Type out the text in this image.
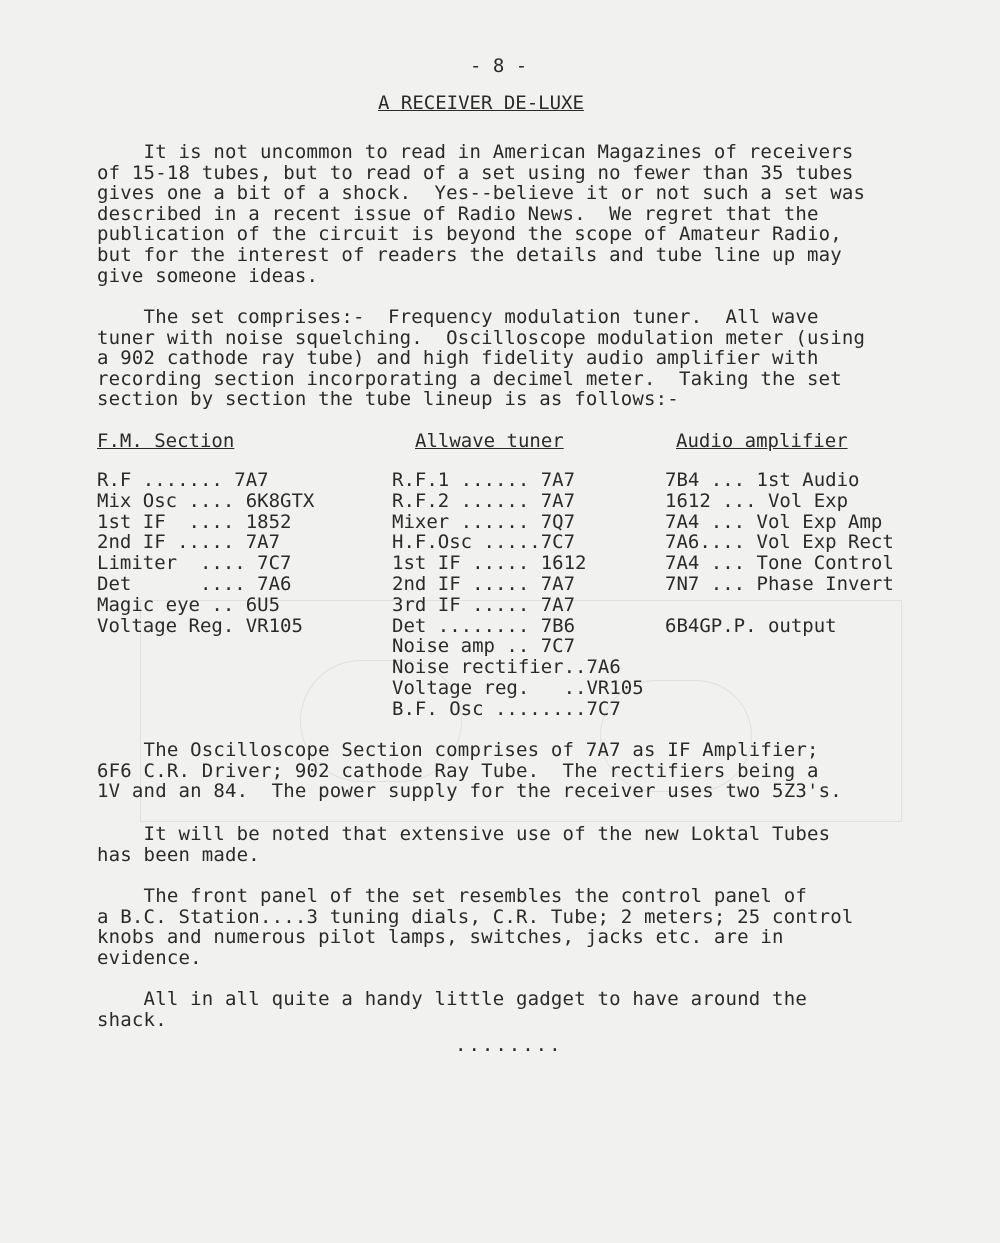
- 8 -
A RECEIVER DE-LUXE
It is not uncommon to read in American Magazines of receivers
of 15-18 tubes, but to read of a set using no fewer than 35 tubes
gives one a bit of a shock.  Yes--believe it or not such a set was
described in a recent issue of Radio News.  We regret that the
publication of the circuit is beyond the scope of Amateur Radio,
but for the interest of readers the details and tube line up may
give someone ideas.
The set comprises:-  Frequency modulation tuner.  All wave
tuner with noise squelching.  Oscilloscope modulation meter (using
a 902 cathode ray tube) and high fidelity audio amplifier with
recording section incorporating a decimel meter.  Taking the set
section by section the tube lineup is as follows:-
F.M. Section	Allwave tuner	Audio amplifier
R.F ....... 7A7
Mix Osc .... 6K8GTX
1st IF  .... 1852
2nd IF ..... 7A7
Limiter  .... 7C7
Det      .... 7A6
Magic eye .. 6U5
Voltage Reg. VR105
R.F.1 ...... 7A7
R.F.2 ...... 7A7
Mixer ...... 7Q7
H.F.Osc .....7C7
1st IF ..... 1612
2nd IF ..... 7A7
3rd IF ..... 7A7
Det ........ 7B6
Noise amp .. 7C7
Noise rectifier..7A6
Voltage reg.   ..VR105
B.F. Osc ........7C7
7B4 ... 1st Audio
1612 ... Vol Exp
7A4 ... Vol Exp Amp
7A6.... Vol Exp Rect
7A4 ... Tone Control
7N7 ... Phase Invert

6B4GP.P. output
The Oscilloscope Section comprises of 7A7 as IF Amplifier;
6F6 C.R. Driver; 902 cathode Ray Tube.  The rectifiers being a
1V and an 84.  The power supply for the receiver uses two 5Z3's.
It will be noted that extensive use of the new Loktal Tubes
has been made.
The front panel of the set resembles the control panel of
a B.C. Station....3 tuning dials, C.R. Tube; 2 meters; 25 control
knobs and numerous pilot lamps, switches, jacks etc. are in
evidence.
All in all quite a handy little gadget to have around the
shack.
........
